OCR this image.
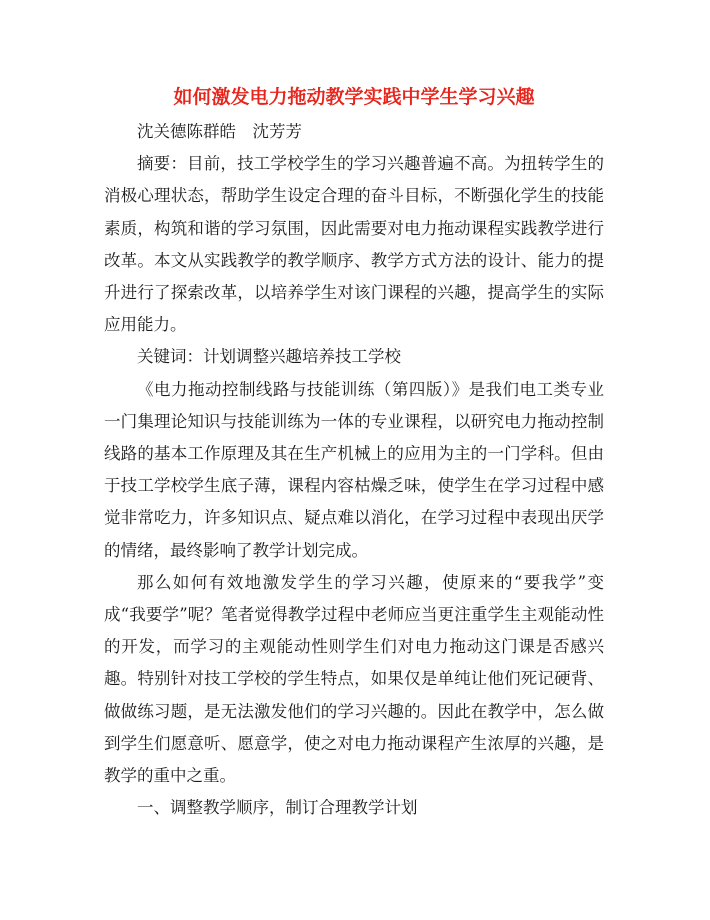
如何激发电力拖动教学实践中学生学习兴趣

沈关德陈群皓　沈芳芳

摘要：目前，技工学校学生的学习兴趣普遍不高。为扭转学生的消极心理状态，帮助学生设定合理的奋斗目标，不断强化学生的技能素质，构筑和谐的学习氛围，因此需要对电力拖动课程实践教学进行改革。本文从实践教学的教学顺序、教学方式方法的设计、能力的提升进行了探索改革，以培养学生对该门课程的兴趣，提高学生的实际应用能力。

关键词：计划调整兴趣培养技工学校

《电力拖动控制线路与技能训练（第四版）》是我们电工类专业一门集理论知识与技能训练为一体的专业课程，以研究电力拖动控制线路的基本工作原理及其在生产机械上的应用为主的一门学科。但由于技工学校学生底子薄，课程内容枯燥乏味，使学生在学习过程中感觉非常吃力，许多知识点、疑点难以消化，在学习过程中表现出厌学的情绪，最终影响了教学计划完成。

那么如何有效地激发学生的学习兴趣，使原来的“要我学”变成“我要学”呢？笔者觉得教学过程中老师应当更注重学生主观能动性的开发，而学习的主观能动性则学生们对电力拖动这门课是否感兴趣。特别针对技工学校的学生特点，如果仅是单纯让他们死记硬背、做做练习题，是无法激发他们的学习兴趣的。因此在教学中，怎么做到学生们愿意听、愿意学，使之对电力拖动课程产生浓厚的兴趣，是教学的重中之重。

一、调整教学顺序，制订合理教学计划
